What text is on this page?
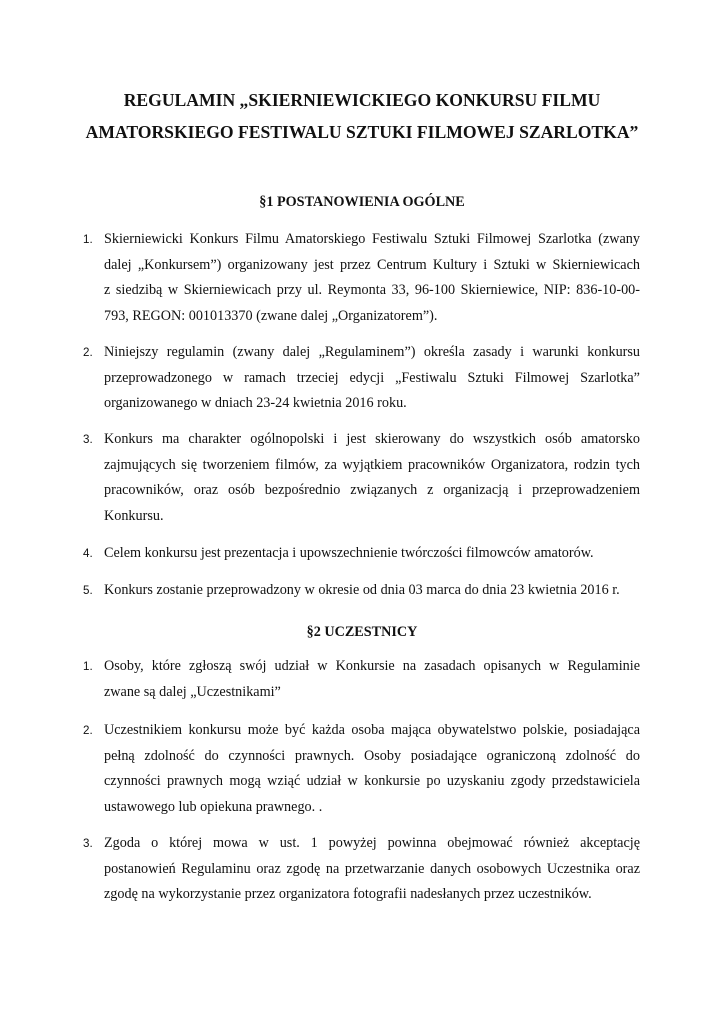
REGULAMIN „SKIERNIEWICKIEGO KONKURSU FILMU
AMATORSKIEGO FESTIWALU SZTUKI FILMOWEJ SZARLOTKA”
§1 POSTANOWIENIA OGÓLNE
1. Skierniewicki Konkurs Filmu Amatorskiego Festiwalu Sztuki Filmowej Szarlotka (zwany
dalej „Konkursem”) organizowany jest przez Centrum Kultury i Sztuki w Skierniewicach
z siedzibą w Skierniewicach przy ul. Reymonta 33, 96-100 Skierniewice, NIP: 836-10-00-
793, REGON: 001013370 (zwane dalej „Organizatorem”).
2. Niniejszy regulamin (zwany dalej „Regulaminem”) określa zasady i warunki konkursu
przeprowadzonego w ramach trzeciej edycji „Festiwalu Sztuki Filmowej Szarlotka”
organizowanego w dniach 23-24 kwietnia 2016 roku.
3. Konkurs ma charakter ogólnopolski i jest skierowany do wszystkich osób amatorsko
zajmujących się tworzeniem filmów, za wyjątkiem pracowników Organizatora, rodzin tych
pracowników, oraz osób bezpośrednio związanych z organizacją i przeprowadzeniem
Konkursu.
4. Celem konkursu jest prezentacja i upowszechnienie twórczości filmowców amatorów.
5. Konkurs zostanie przeprowadzony w okresie od dnia 03 marca do dnia 23 kwietnia 2016 r.
§2 UCZESTNICY
1. Osoby, które zgłoszą swój udział w Konkursie na zasadach opisanych w Regulaminie
zwane są dalej „Uczestnikami”
2. Uczestnikiem konkursu może być każda osoba mająca obywatelstwo polskie, posiadająca
pełną zdolność do czynności prawnych. Osoby posiadające ograniczoną zdolność do
czynności prawnych mogą wziąć udział w konkursie po uzyskaniu zgody przedstawiciela
ustawowego lub opiekuna prawnego. .
3. Zgoda o której mowa w ust. 1 powyżej powinna obejmować również akceptację
postanowień Regulaminu oraz zgodę na przetwarzanie danych osobowych Uczestnika oraz
zgodę na wykorzystanie przez organizatora fotografii nadesłanych przez uczestników.
